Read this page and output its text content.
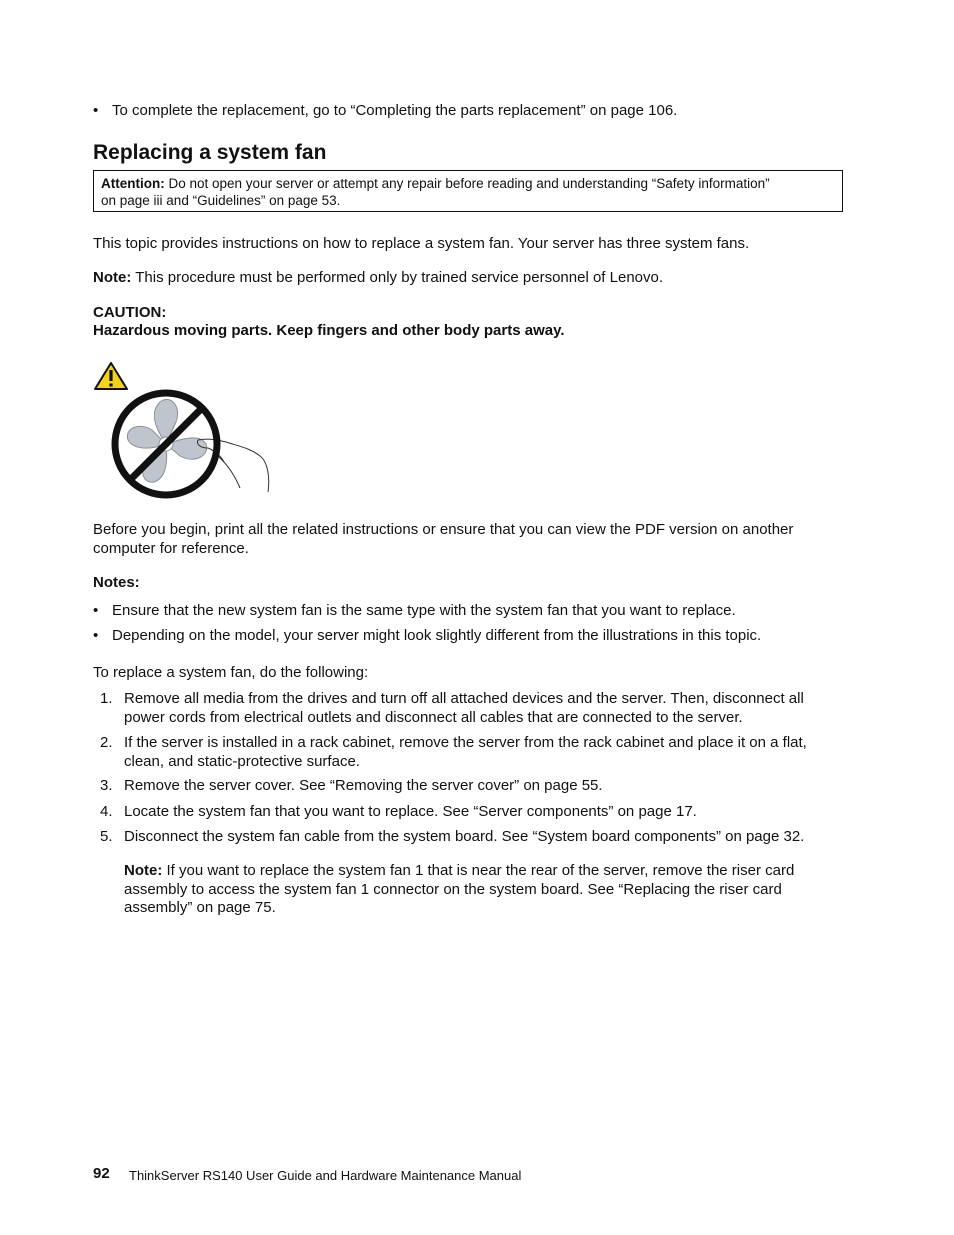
• To complete the replacement, go to “Completing the parts replacement” on page 106.
Replacing a system fan
Attention: Do not open your server or attempt any repair before reading and understanding “Safety information”
on page iii and “Guidelines” on page 53.
This topic provides instructions on how to replace a system fan. Your server has three system fans.
Note: This procedure must be performed only by trained service personnel of Lenovo.
CAUTION:
Hazardous moving parts. Keep fingers and other body parts away.
Before you begin, print all the related instructions or ensure that you can view the PDF version on another
computer for reference.
Notes:
• Ensure that the new system fan is the same type with the system fan that you want to replace.
• Depending on the model, your server might look slightly different from the illustrations in this topic.
To replace a system fan, do the following:
1. Remove all media from the drives and turn off all attached devices and the server. Then, disconnect all
power cords from electrical outlets and disconnect all cables that are connected to the server.
2. If the server is installed in a rack cabinet, remove the server from the rack cabinet and place it on a flat,
clean, and static-protective surface.
3. Remove the server cover. See “Removing the server cover” on page 55.
4. Locate the system fan that you want to replace. See “Server components” on page 17.
5. Disconnect the system fan cable from the system board. See “System board components” on page 32.
Note: If you want to replace the system fan 1 that is near the rear of the server, remove the riser card
assembly to access the system fan 1 connector on the system board. See “Replacing the riser card
assembly” on page 75.
92 ThinkServer RS140 User Guide and Hardware Maintenance Manual
